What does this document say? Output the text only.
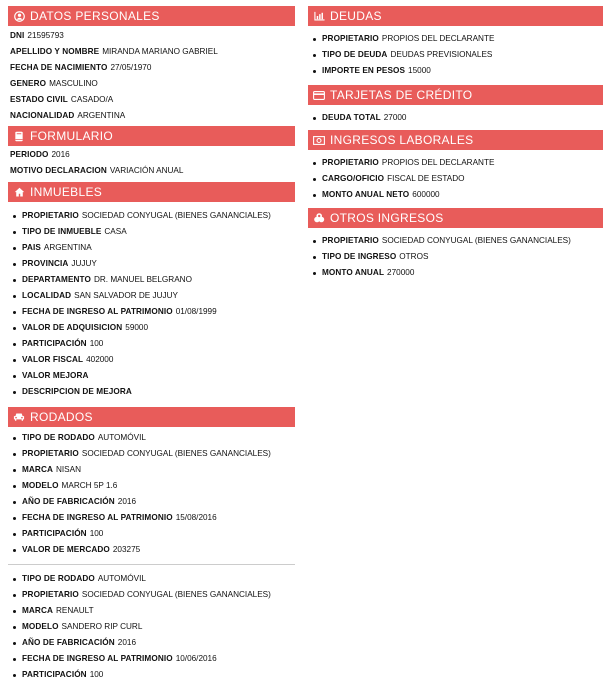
DATOS PERSONALES
DNI 21595793
APELLIDO Y NOMBRE MIRANDA MARIANO GABRIEL
FECHA DE NACIMIENTO 27/05/1970
GENERO MASCULINO
ESTADO CIVIL CASADO/A
NACIONALIDAD ARGENTINA
FORMULARIO
PERIODO 2016
MOTIVO DECLARACION VARIACIÓN ANUAL
INMUEBLES
PROPIETARIO SOCIEDAD CONYUGAL (BIENES GANANCIALES)
TIPO DE INMUEBLE CASA
PAIS ARGENTINA
PROVINCIA JUJUY
DEPARTAMENTO DR. MANUEL BELGRANO
LOCALIDAD SAN SALVADOR DE JUJUY
FECHA DE INGRESO AL PATRIMONIO 01/08/1999
VALOR DE ADQUISICION 59000
PARTICIPACIÓN 100
VALOR FISCAL 402000
VALOR MEJORA
DESCRIPCION DE MEJORA
RODADOS
TIPO DE RODADO AUTOMÓVIL
PROPIETARIO SOCIEDAD CONYUGAL (BIENES GANANCIALES)
MARCA NISAN
MODELO MARCH 5P 1.6
AÑO DE FABRICACIÓN 2016
FECHA DE INGRESO AL PATRIMONIO 15/08/2016
PARTICIPACIÓN 100
VALOR DE MERCADO 203275
TIPO DE RODADO AUTOMÓVIL
PROPIETARIO SOCIEDAD CONYUGAL (BIENES GANANCIALES)
MARCA RENAULT
MODELO SANDERO RIP CURL
AÑO DE FABRICACIÓN 2016
FECHA DE INGRESO AL PATRIMONIO 10/06/2016
PARTICIPACIÓN 100
DEUDAS
PROPIETARIO PROPIOS DEL DECLARANTE
TIPO DE DEUDA DEUDAS PREVISIONALES
IMPORTE EN PESOS 15000
TARJETAS DE CRÉDITO
DEUDA TOTAL 27000
INGRESOS LABORALES
PROPIETARIO PROPIOS DEL DECLARANTE
CARGO/OFICIO FISCAL DE ESTADO
MONTO ANUAL NETO 600000
OTROS INGRESOS
PROPIETARIO SOCIEDAD CONYUGAL (BIENES GANANCIALES)
TIPO DE INGRESO OTROS
MONTO ANUAL 270000
